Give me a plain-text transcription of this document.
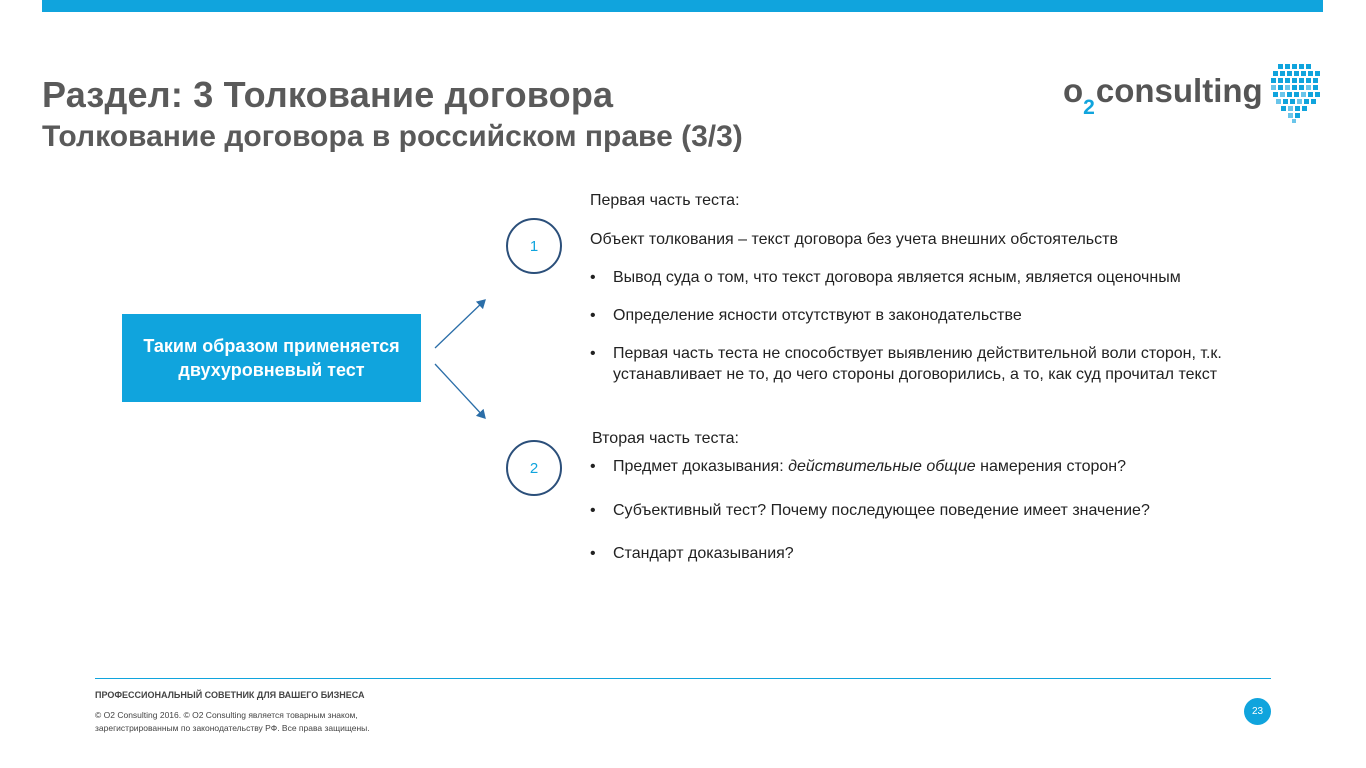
Раздел: 3 Толкование договора
Толкование договора в российском праве (3/3)
$o_2consulting$
Таким образом применяется
двухуровневый тест
1
2
Первая часть теста:
Объект толкования – текст договора без учета внешних обстоятельств
• Вывод суда о том, что текст договора является ясным, является оценочным
• Определение ясности отсутствуют в законодательстве
• Первая часть теста не способствует выявлению действительной воли сторон, т.к. устанавливает не то, до чего стороны договорились, а то, как суд прочитал текст
Вторая часть теста:
• Предмет доказывания: действительные общие намерения сторон?
• Субъективный тест? Почему последующее поведение имеет значение?
• Стандарт доказывания?
ПРОФЕССИОНАЛЬНЫЙ СОВЕТНИК ДЛЯ ВАШЕГО БИЗНЕСА
© O2 Consulting 2016. © O2 Consulting является товарным знаком, зарегистрированным по законодательству РФ. Все права защищены.
23
